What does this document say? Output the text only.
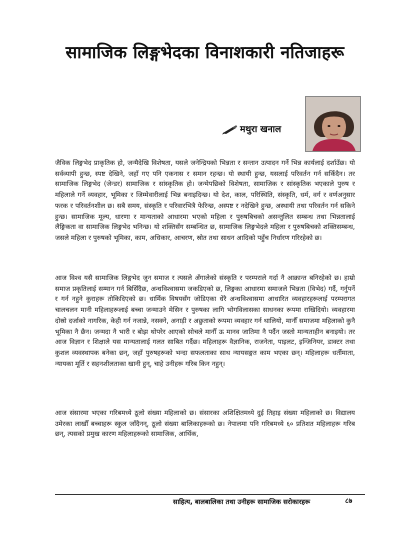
सामाजिक लिङ्गभेदका विनाशकारी नतिजाहरू
मथुरा खनाल

जैविक लिङ्गभेद प्राकृतिक हो, जन्मैदेखि विशेषता, यसले जनेन्द्रियको भिन्नता र सन्तान उत्पादन गर्ने भिन्न कार्यलाई दर्शाउँछ। यो सर्वव्यापी हुन्छ, स्पष्ट देखिने, जहाँ गए पनि एकनास र समान रहन्छ। यो स्थायी हुन्छ, यसलाई परिवर्तन गर्न सकिँदैन। तर सामाजिक लिङ्गभेद (जेन्डर) सामाजिक र सांस्कृतिक हो। जन्मेपछिको विशेषता, सामाजिक र सांस्कृतिक भएकाले पुरुष र महिलाले गर्ने व्यवहार, भूमिका र जिम्मेवारीलाई भिन्न बनाइदिन्छ। यो देश, काल, परिस्थिति, संस्कृति, धर्म, वर्ग र वर्णअनुसार फरक र परिवर्तनशील छ। सबै समय, संस्कृति र परिवारभित्रै फेरिन्छ, अस्पष्ट र नदेखिने हुन्छ, अस्थायी तथा परिवर्तन गर्न सकिने हुन्छ। सामाजिक मूल्य, धारणा र मान्यताको आधारमा भएको महिला र पुरुषबिचको असन्तुलित सम्बन्ध तथा भिन्नतालाई लैङ्गिकता वा सामाजिक लिङ्गभेद भनिन्छ। यो शक्तिसँग सम्बन्धित छ, सामाजिक लिङ्गभेदले महिला र पुरुषबिचको शक्तिसम्बन्ध, जसले महिला र पुरुषको भूमिका, काम, अधिकार, आचरण, स्रोत तथा साधन आदिको पहुँच निर्धारण गरिरहेको छ।

आज विश्व यसै सामाजिक लिङ्गभेद जुन समाज र त्यसले अँगालेको संस्कृति र परम्पराले गर्दा नै आक्रान्त बनिरहेको छ। हाम्रो समाज प्रकृतिलाई सम्मान गर्न बिर्सिँदैछ, अन्धविश्वासमा जकडिएको छ, लिङ्गका आधारमा समाजले भिन्नता (विभेद) गर्दै, गर्नुपर्ने र गर्न नहुने कुराहरू तोकिदिएको छ। धार्मिक विषयसँग जोडिएका धेरै अन्धविश्वासमा आधारित व्यवहारहरूलाई परम्परागत चालचलन मानी महिलाहरूलाई बच्चा जन्माउने मेसिन र पुरुषका लागि भोगविलासका साधनका रूपमा राखिदियो। व्यवहारमा दोस्रो दर्जाको नागरिक, केही गर्न नजान्ने, नसक्ने, अनाड़ी र अछुताको रूपमा व्यवहार गर्न थालियो, मानौँ समाजमा महिलाको कुनै भूमिका नै छैन। जन्मदा नै भारी र बोझ थोपरेर आएको सोचले मानौँ ऊ मानव जातिमा नै पर्दैन जस्तो मान्यताहीन बनाइयो। तर आज विज्ञान र शिक्षाले यस मान्यतालाई गलत साबित गर्दैछ। महिलाहरू वैज्ञानिक, राजनेता, पाइलट, इन्जिनियर, डाक्टर तथा कुशल व्यवस्थापक बनेका छन्, जहाँ पुरुषहरूको भन्दा सफलताका साथ न्यायसङ्गत काम भएका छन्। महिलाहरू धर्तीमाता, न्यायका मूर्ति र सहनशीलताका खानी हुन्, चाहे उनीहरू गरिब किन नहुन्।

आज संसारमा भएका गरिबमध्ये ठूलो संख्या महिलाको छ। संसारका अशिक्षितमध्ये दुई तिहाइ संख्या महिलाको छ। विद्यालय उमेरका लाखौँ बच्चाहरू स्कुल जाँदैनन्, ठूलो संख्या बालिकाहरूको छ। नेपालमा पनि गरिबमध्ये ६० प्रतिशत महिलाहरू गरिब छन्, त्यसको प्रमुख कारण महिलाहरूको सामाजिक, आर्थिक,

साहित्य, बालबालिका तथा उनीहरू सामाजिक सरोकारहरू	८७
